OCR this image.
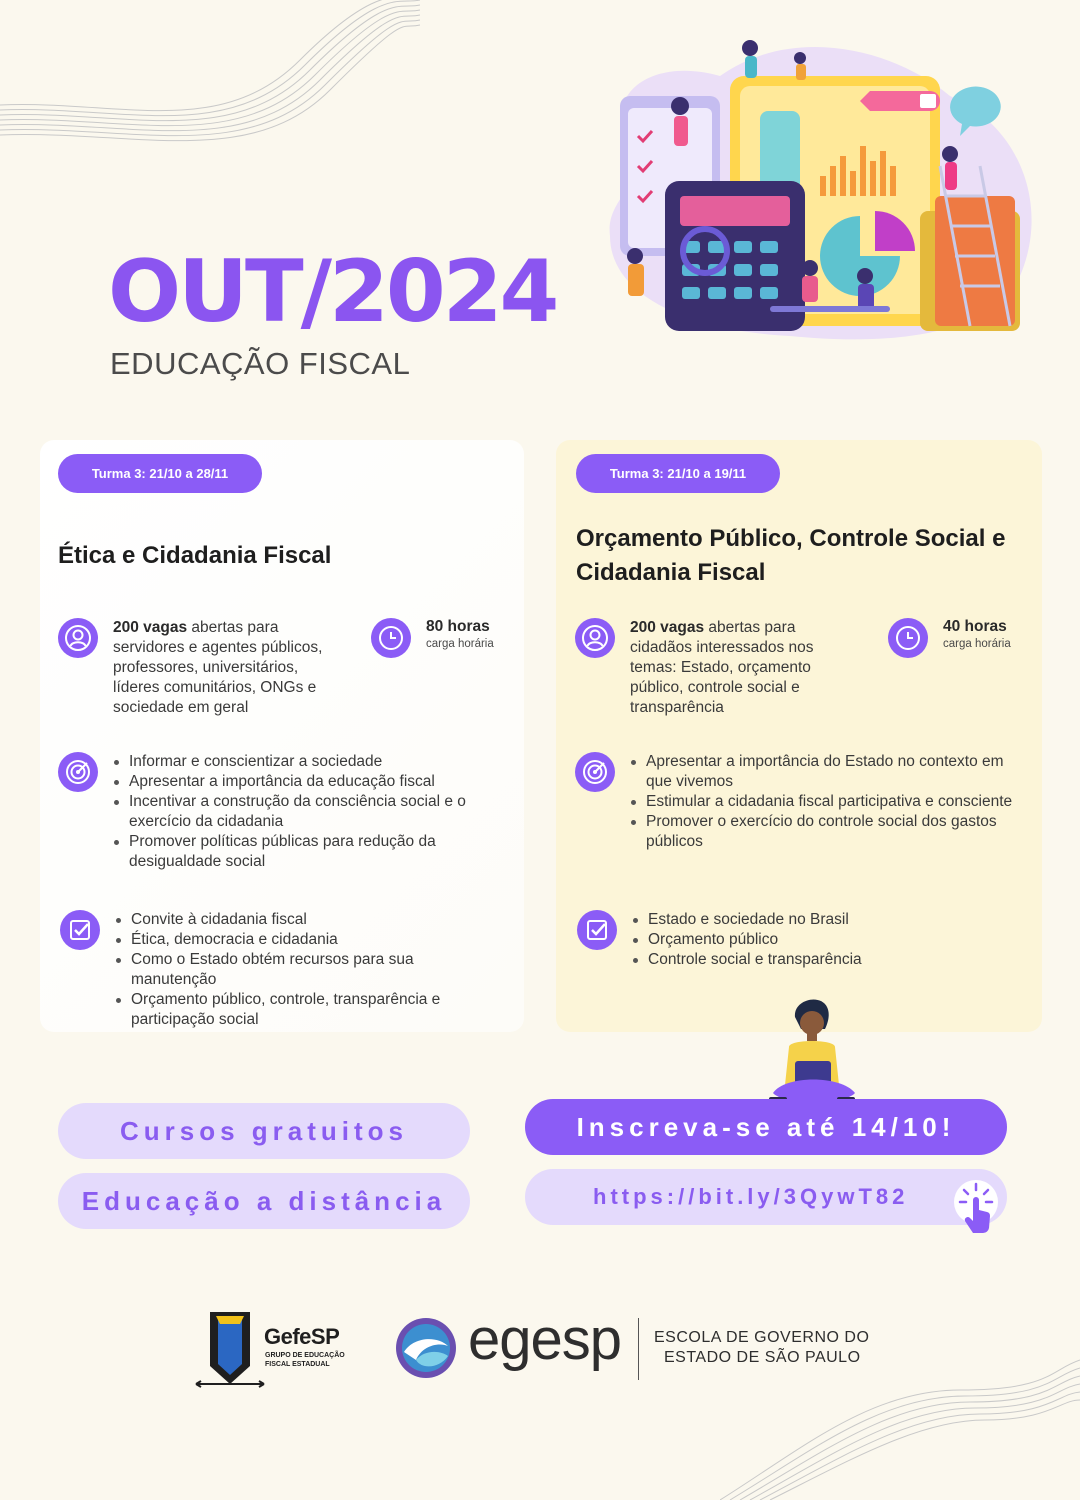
OUT/2024
EDUCAÇÃO FISCAL
Turma 3: 21/10 a 28/11
Ética e Cidadania Fiscal
200 vagas abertas para servidores e agentes públicos, professores, universitários, líderes comunitários, ONGs e sociedade em geral
80 horas
carga horária
Informar e conscientizar a sociedade
Apresentar a importância da educação fiscal
Incentivar a construção da consciência social e o exercício da cidadania
Promover políticas públicas para redução da desigualdade social
Convite à cidadania fiscal
Ética, democracia e cidadania
Como o Estado obtém recursos para sua manutenção
Orçamento público, controle, transparência e participação social
Turma 3: 21/10 a 19/11
Orçamento Público, Controle Social e Cidadania Fiscal
200 vagas abertas para cidadãos interessados nos temas: Estado, orçamento público, controle social e transparência
40 horas
carga horária
Apresentar a importância do Estado no contexto em que vivemos
Estimular a cidadania fiscal participativa e consciente
Promover o exercício do controle social dos gastos públicos
Estado e sociedade no Brasil
Orçamento público
Controle social e transparência
Cursos gratuitos
Educação a distância
Inscreva-se até 14/10!
https://bit.ly/3QywT82
GefeSP
GRUPO DE EDUCAÇÃO
FISCAL ESTADUAL egesp ESCOLA DE GOVERNO DO
ESTADO DE SÃO PAULO
